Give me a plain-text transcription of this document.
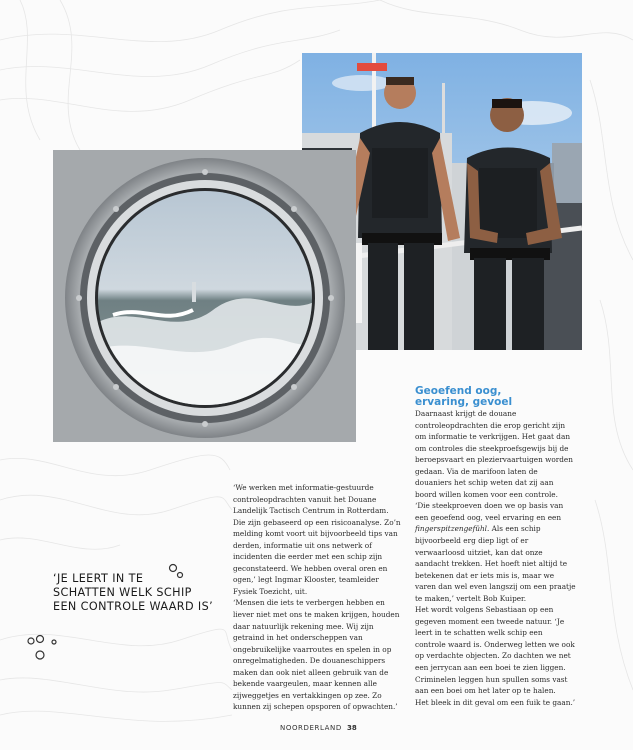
‘JE LEERT IN TE
SCHATTEN WELK SCHIP
EEN CONTROLE WAARD IS’
‘We werken met informatie-gestuurde
controleopdrachten vanuit het Douane
Landelijk Tactisch Centrum in Rotterdam.
Die zijn gebaseerd op een risicoanalyse. Zo’n
melding komt voort uit bijvoorbeeld tips van
derden, informatie uit ons netwerk of
incidenten die eerder met een schip zijn
geconstateerd. We hebben overal oren en
ogen,’ legt Ingmar Klooster, teamleider
Fysiek Toezicht, uit.
‘Mensen die iets te verbergen hebben en
liever niet met ons te maken krijgen, houden
daar natuurlijk rekening mee. Wij zijn
getraind in het onderscheppen van
ongebruikelijke vaarroutes en spelen in op
onregelmatigheden. De douaneschippers
maken dan ook niet alleen gebruik van de
bekende vaargeulen, maar kennen alle
zijweggetjes en vertakkingen op zee. Zo
kunnen zij schepen opsporen of opwachten.’
Geoefend oog,
ervaring, gevoel
Daarnaast krijgt de douane
controleopdrachten die erop gericht zijn
om informatie te verkrijgen. Het gaat dan
om controles die steekproefsgewijs bij de
beroepsvaart en pleziervaartuigen worden
gedaan. Via de marifoon laten de
douaniers het schip weten dat zij aan
boord willen komen voor een controle.
‘Die steekproeven doen we op basis van
een geoefend oog, veel ervaring en een
fingerspitzengefühl. Als een schip
bijvoorbeeld erg diep ligt of er
verwaarloosd uitziet, kan dat onze
aandacht trekken. Het hoeft niet altijd te
betekenen dat er iets mis is, maar we
varen dan wel even langszij om een praatje
te maken,’ vertelt Bob Kuiper.
Het wordt volgens Sebastiaan op een
gegeven moment een tweede natuur. ‘Je
leert in te schatten welk schip een
controle waard is. Onderweg letten we ook
op verdachte objecten. Zo dachten we net
een jerrycan aan een boei te zien liggen.
Criminelen leggen hun spullen soms vast
aan een boei om het later op te halen.
Het bleek in dit geval om een fuik te gaan.’
NOORDERLAND 38
